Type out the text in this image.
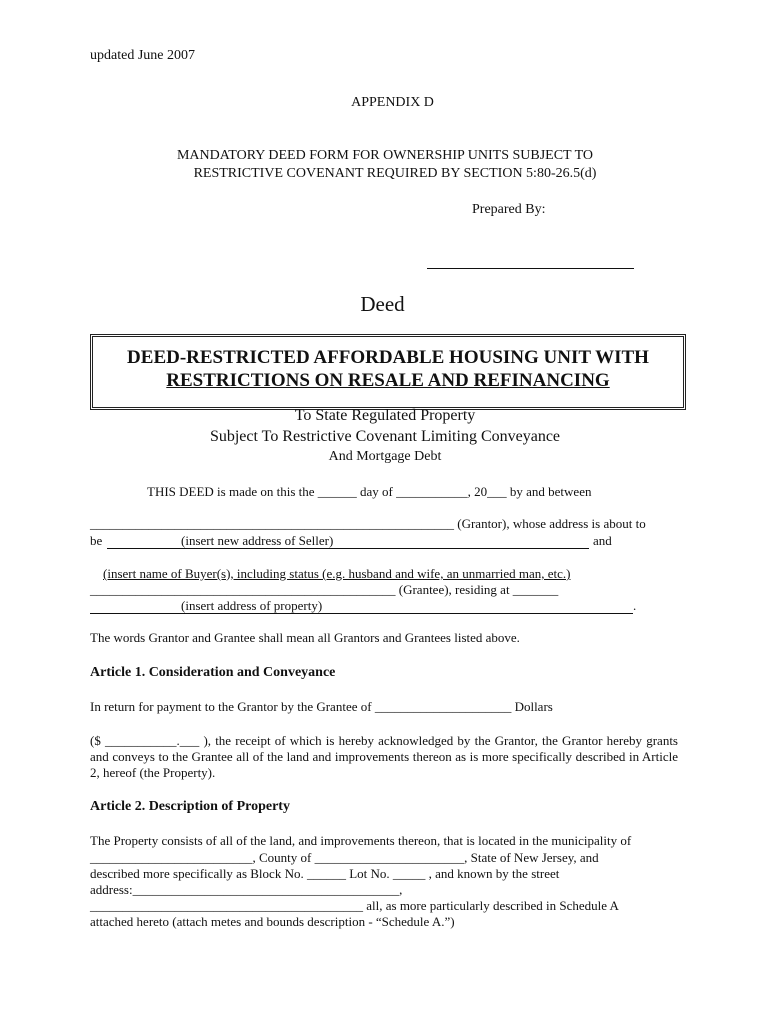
updated June 2007
APPENDIX D
MANDATORY DEED FORM FOR OWNERSHIP UNITS SUBJECT TO
RESTRICTIVE COVENANT REQUIRED BY SECTION 5:80-26.5(d)
Prepared By:
Deed
DEED-RESTRICTED AFFORDABLE HOUSING UNIT WITH
RESTRICTIONS ON RESALE AND REFINANCING
To State Regulated Property
Subject To Restrictive Covenant Limiting Conveyance
And Mortgage Debt
THIS DEED is made on this the ______ day of ___________, 20___ by and between
________________________________________________________ (Grantor), whose address is about to
be	(insert new address of Seller)	and
(insert name of Buyer(s), including status (e.g. husband and wife, an unmarried man, etc.)
_______________________________________________ (Grantee), residing at _______
(insert address of property)	.
The words Grantor and Grantee shall mean all Grantors and Grantees listed above.
Article 1. Consideration and Conveyance
In return for payment to the Grantor by the Grantee of _____________________ Dollars
($ ___________.___ ), the receipt of which is hereby acknowledged by the Grantor, the Grantor hereby grants and conveys to the Grantee all of the land and improvements thereon as is more specifically described in Article 2, hereof (the Property).
Article 2. Description of Property
The Property consists of all of the land, and improvements thereon, that is located in the municipality of
_________________________, County of _______________________, State of New Jersey, and
described more specifically as Block No. ______ Lot No. _____ , and known by the street
address:_________________________________________,
__________________________________________ all, as more particularly described in Schedule A
attached hereto (attach metes and bounds description - “Schedule A.”)
